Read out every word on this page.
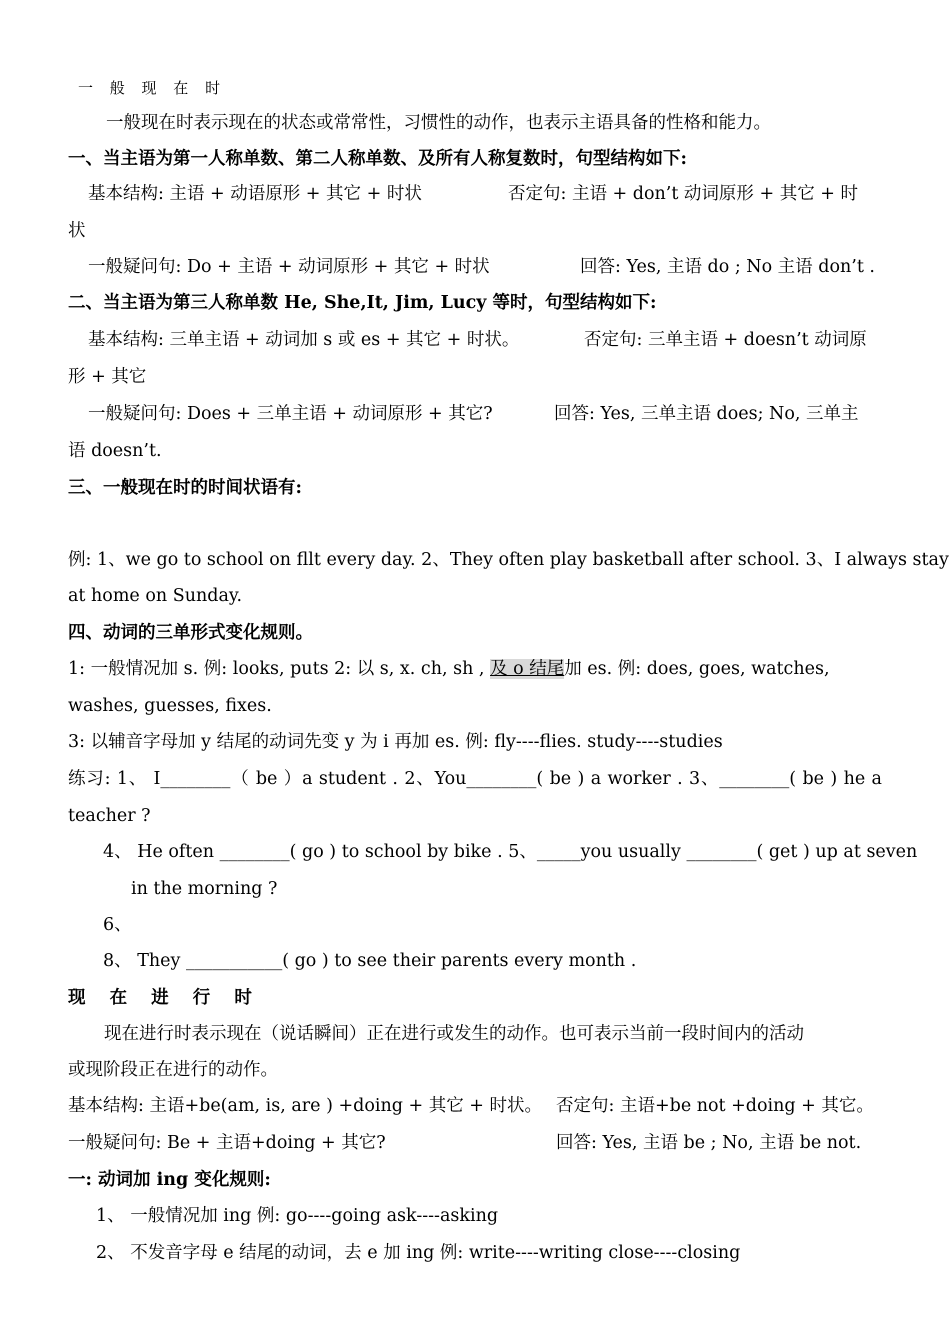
一 般 现 在 时
一般现在时表示现在的状态或常常性，习惯性的动作，也表示主语具备的性格和能力。
一、当主语为第一人称单数、第二人称单数、及所有人称复数时，句型结构如下:
基本结构: 主语 + 动语原形 + 其它 + 时状	否定句: 主语 + don’t 动词原形 + 其它 + 时
状
一般疑问句: Do + 主语 + 动词原形 + 其它 + 时状	回答: Yes, 主语 do ; No 主语 don’t .
二、当主语为第三人称单数 He, She,It, Jim, Lucy 等时，句型结构如下:
基本结构: 三单主语 + 动词加 s 或 es + 其它 + 时状。	否定句: 三单主语 + doesn’t 动词原
形 + 其它
一般疑问句: Does + 三单主语 + 动词原形 + 其它?	回答: Yes, 三单主语 does; No, 三单主
语 doesn’t.
三、一般现在时的时间状语有:
例: 1、we go to school on fllt every day. 2、They often play basketball after school. 3、I always stay
at home on Sunday.
四、动词的三单形式变化规则。
1: 一般情况加 s. 例: looks, puts 2: 以 s, x. ch, sh , 及 o 结尾加 es. 例: does, goes, watches,
washes, guesses, fixes.
3: 以辅音字母加 y 结尾的动词先变 y 为 i 再加 es. 例: fly----flies. study----studies
练习: 1、 I________（ be ）a student . 2、You________( be ) a worker . 3、________( be ) he a
teacher ?
4、 He often ________( go ) to school by bike . 5、_____you usually ________( get ) up at seven
in the morning ?
6、
8、 They ___________( go ) to see their parents every month .
现 在 进 行 时
现在进行时表示现在（说话瞬间）正在进行或发生的动作。也可表示当前一段时间内的活动
或现阶段正在进行的动作。
基本结构: 主语+be(am, is, are ) +doing + 其它 + 时状。 否定句: 主语+be not +doing + 其它。
一般疑问句: Be + 主语+doing + 其它?	回答: Yes, 主语 be ; No, 主语 be not.
一: 动词加 ing 变化规则:
1、 一般情况加 ing 例: go----going ask----asking
2、 不发音字母 e 结尾的动词，去 e 加 ing 例: write----writing close----closing
